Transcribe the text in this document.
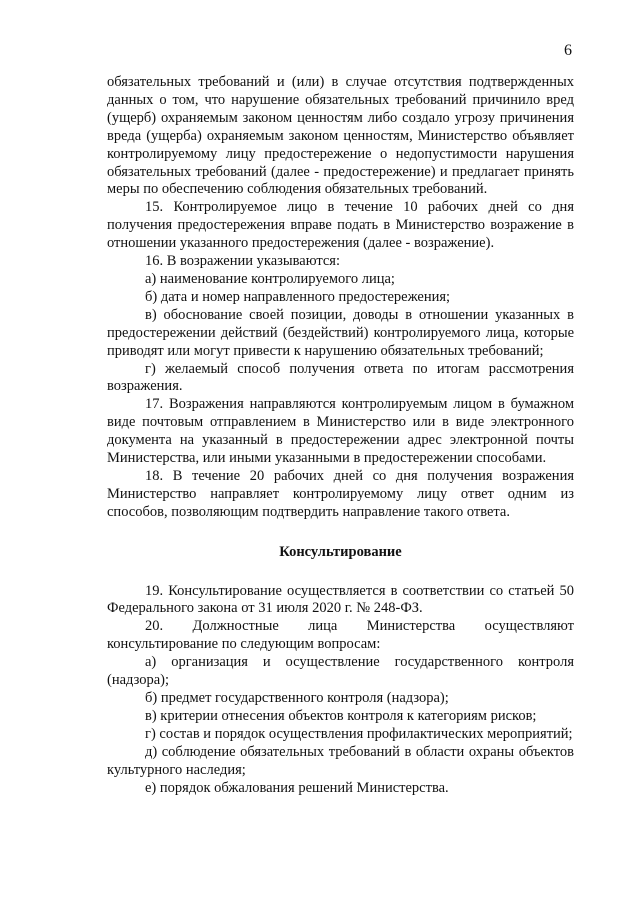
6

обязательных требований и (или) в случае отсутствия подтвержденных данных о том, что нарушение обязательных требований причинило вред (ущерб) охраняемым законом ценностям либо создало угрозу причинения вреда (ущерба) охраняемым законом ценностям, Министерство объявляет контролируемому лицу предостережение о недопустимости нарушения обязательных требований (далее - предостережение) и предлагает принять меры по обеспечению соблюдения обязательных требований.

15. Контролируемое лицо в течение 10 рабочих дней со дня получения предостережения вправе подать в Министерство возражение в отношении указанного предостережения (далее - возражение).

16. В возражении указываются:

а) наименование контролируемого лица;

б) дата и номер направленного предостережения;

в) обоснование своей позиции, доводы в отношении указанных в предостережении действий (бездействий) контролируемого лица, которые приводят или могут привести к нарушению обязательных требований;

г) желаемый способ получения ответа по итогам рассмотрения возражения.

17. Возражения направляются контролируемым лицом в бумажном виде почтовым отправлением в Министерство или в виде электронного документа на указанный в предостережении адрес электронной почты Министерства, или иными указанными в предостережении способами.

18. В течение 20 рабочих дней со дня получения возражения Министерство направляет контролируемому лицу ответ одним из способов, позволяющим подтвердить направление такого ответа.

Консультирование

19. Консультирование осуществляется в соответствии со статьей 50 Федерального закона от 31 июля 2020 г. № 248-ФЗ.

20. Должностные лица Министерства осуществляют консультирование по следующим вопросам:

а) организация и осуществление государственного контроля (надзора);

б) предмет государственного контроля (надзора);

в) критерии отнесения объектов контроля к категориям рисков;

г) состав и порядок осуществления профилактических мероприятий;

д) соблюдение обязательных требований в области охраны объектов культурного наследия;

е) порядок обжалования решений Министерства.
